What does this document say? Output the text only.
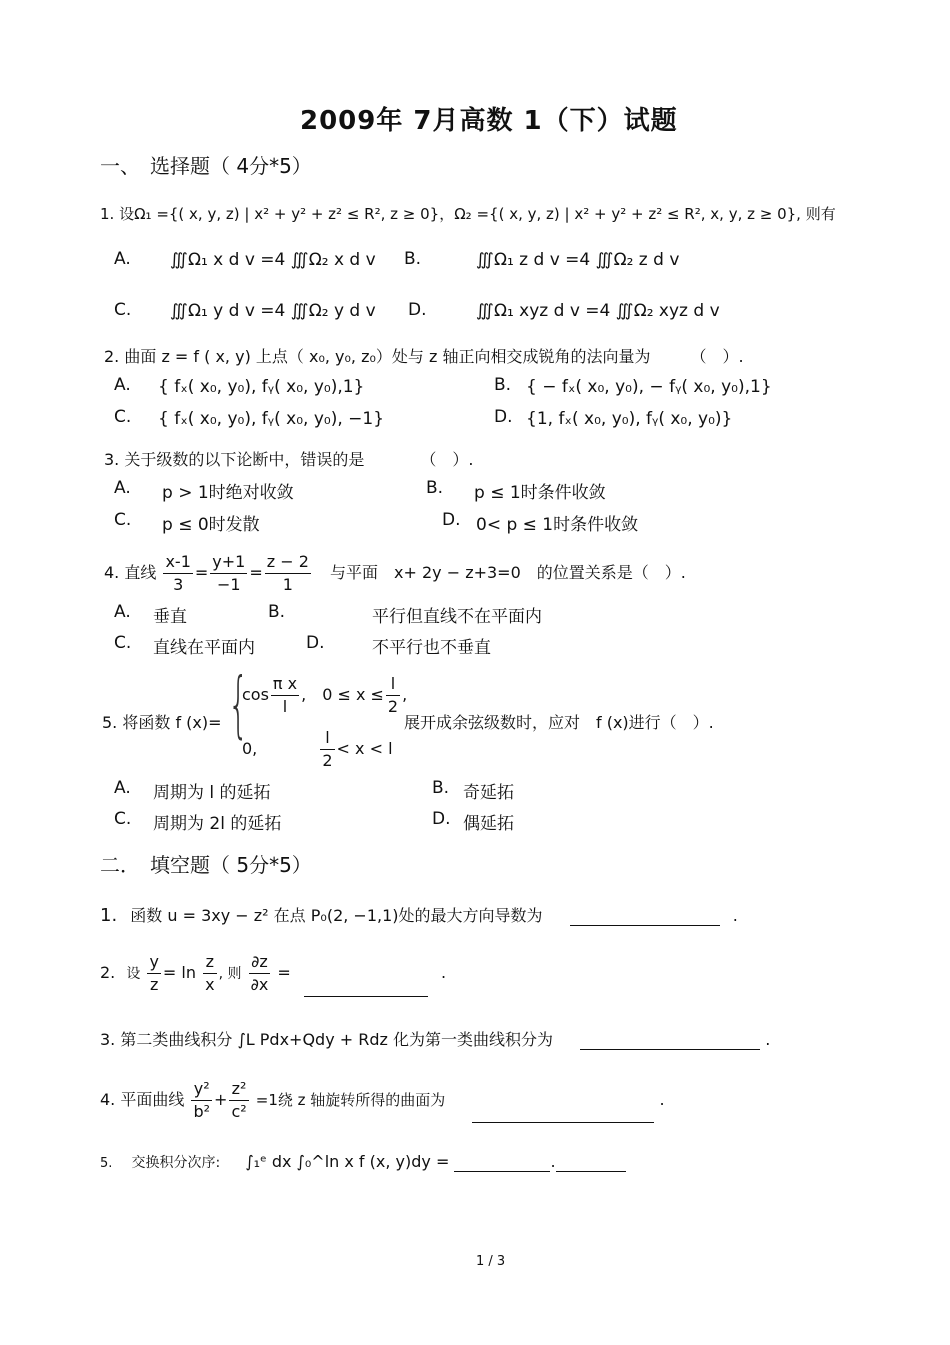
2009年 7月高数 1（下）试题
一、　选择题（ 4分*5）
1. 设Ω₁ ={( x, y, z) | x² + y² + z² ≤ R², z ≥ 0}，Ω₂ ={( x, y, z) | x² + y² + z² ≤ R², x, y, z ≥ 0}, 则有
A. ∭Ω₁ x d v =4 ∭Ω₂ x d v B.	∭Ω₁ z d v =4 ∭Ω₂ z d v
C. ∭Ω₁ y d v =4 ∭Ω₂ y d v D.	∭Ω₁ xyz d v =4 ∭Ω₂ xyz d v
2. 曲面 z = f ( x, y) 上点（ x₀, y₀, z₀）处与 z 轴正向相交成锐角的法向量为　　　（　）.
A. { fₓ( x₀, y₀), fᵧ( x₀, y₀),1}	B. { − fₓ( x₀, y₀), − fᵧ( x₀, y₀),1}
C. { fₓ( x₀, y₀), fᵧ( x₀, y₀), −1}	D. {1, fₓ( x₀, y₀), fᵧ( x₀, y₀)}
3. 关于级数的以下论断中，错误的是　　　　（　）.
A. p > 1时绝对收敛	B. p ≤ 1时条件收敛
C. p ≤ 0时发散	D. 0< p ≤ 1时条件收敛
4. 直线 $\frac{x-1}{3} = \frac{y+1}{-1} = \frac{z - 2}{1}$ 与平面　x+ 2y − z+3=0　的位置关系是（　）.
A. 垂直	B.	平行但直线不在平面内
C. 直线在平面内	D.	不平行也不垂直
5. 将函数 f (x)= {
$\cos \frac{\text{π x}}{l}$ ,　$0 \le x \le \frac{l}{2}$ ,
0,	$\frac{l}{2} < x < l$
展开成余弦级数时，应对　f (x)进行（　）.
A. 周期为 l 的延拓	B. 奇延拓
C. 周期为 2l 的延拓	D. 偶延拓
二．　填空题（ 5分*5）
1. 函数 u = 3xy − z² 在点 P₀(2, −1,1)处的最大方向导数为	.
2. 设 $\frac{y}{z} = \ln \frac{z}{x}$ , 则 $\frac{\partial z}{\partial x}$ =	.
3. 第二类曲线积分 ∫L Pdx+Qdy + Rdz 化为第一类曲线积分为	.
4. 平面曲线 $\frac{\text{y²}}{\text{b²}} + \frac{\text{z²}}{\text{c²}} =1$绕 z 轴旋转所得的曲面为	.
5. 交换积分次序: ∫₁ᵉ dx ∫₀^ln x f (x, y)dy =	.
1 / 3
